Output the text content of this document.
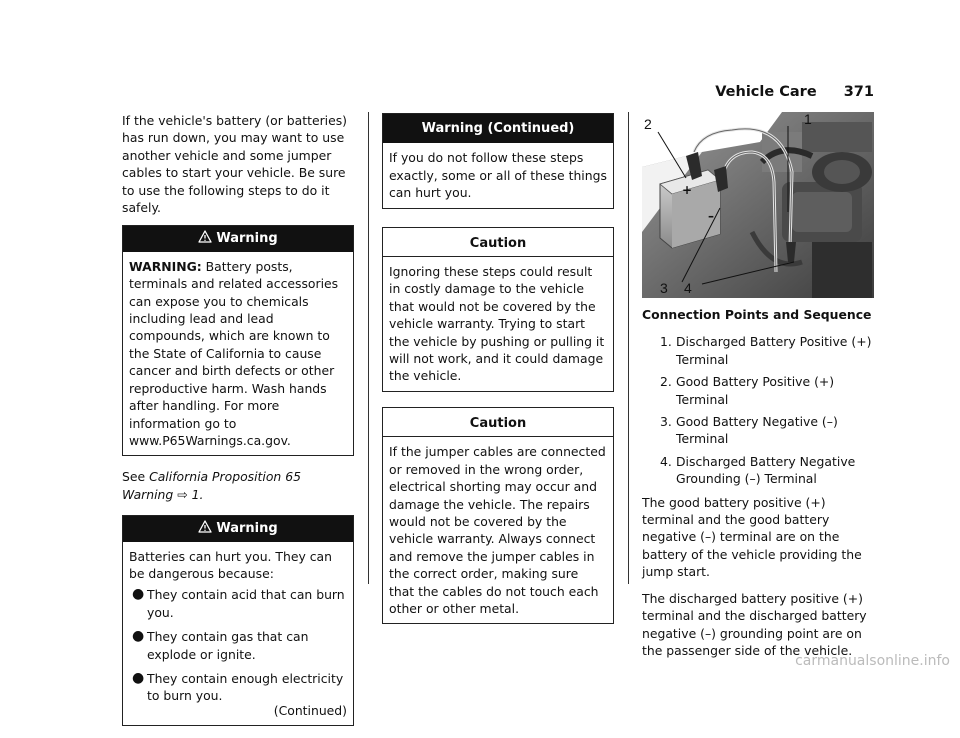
Vehicle Care 371

If the vehicle's battery (or batteries) has run down, you may want to use another vehicle and some jumper cables to start your vehicle. Be sure to use the following steps to do it safely.

Warning

WARNING: Battery posts, terminals and related accessories can expose you to chemicals including lead and lead compounds, which are known to the State of California to cause cancer and birth defects or other reproductive harm. Wash hands after handling. For more information go to www.P65Warnings.ca.gov.

See California Proposition 65 Warning ⇨ 1.

Warning

Batteries can hurt you. They can be dangerous because:

● They contain acid that can burn you.
● They contain gas that can explode or ignite.
● They contain enough electricity to burn you.

(Continued)

Warning (Continued)

If you do not follow these steps exactly, some or all of these things can hurt you.

Caution

Ignoring these steps could result in costly damage to the vehicle that would not be covered by the vehicle warranty. Trying to start the vehicle by pushing or pulling it will not work, and it could damage the vehicle.

Caution

If the jumper cables are connected or removed in the wrong order, electrical shorting may occur and damage the vehicle. The repairs would not be covered by the vehicle warranty. Always connect and remove the jumper cables in the correct order, making sure that the cables do not touch each other or other metal.

+
–
2	1
3 4

Connection Points and Sequence

1. Discharged Battery Positive (+) Terminal
2. Good Battery Positive (+) Terminal
3. Good Battery Negative (–) Terminal
4. Discharged Battery Negative Grounding (–) Terminal

The good battery positive (+) terminal and the good battery negative (–) terminal are on the battery of the vehicle providing the jump start.

The discharged battery positive (+) terminal and the discharged battery negative (–) grounding point are on the passenger side of the vehicle.

carmanualsonline.info
